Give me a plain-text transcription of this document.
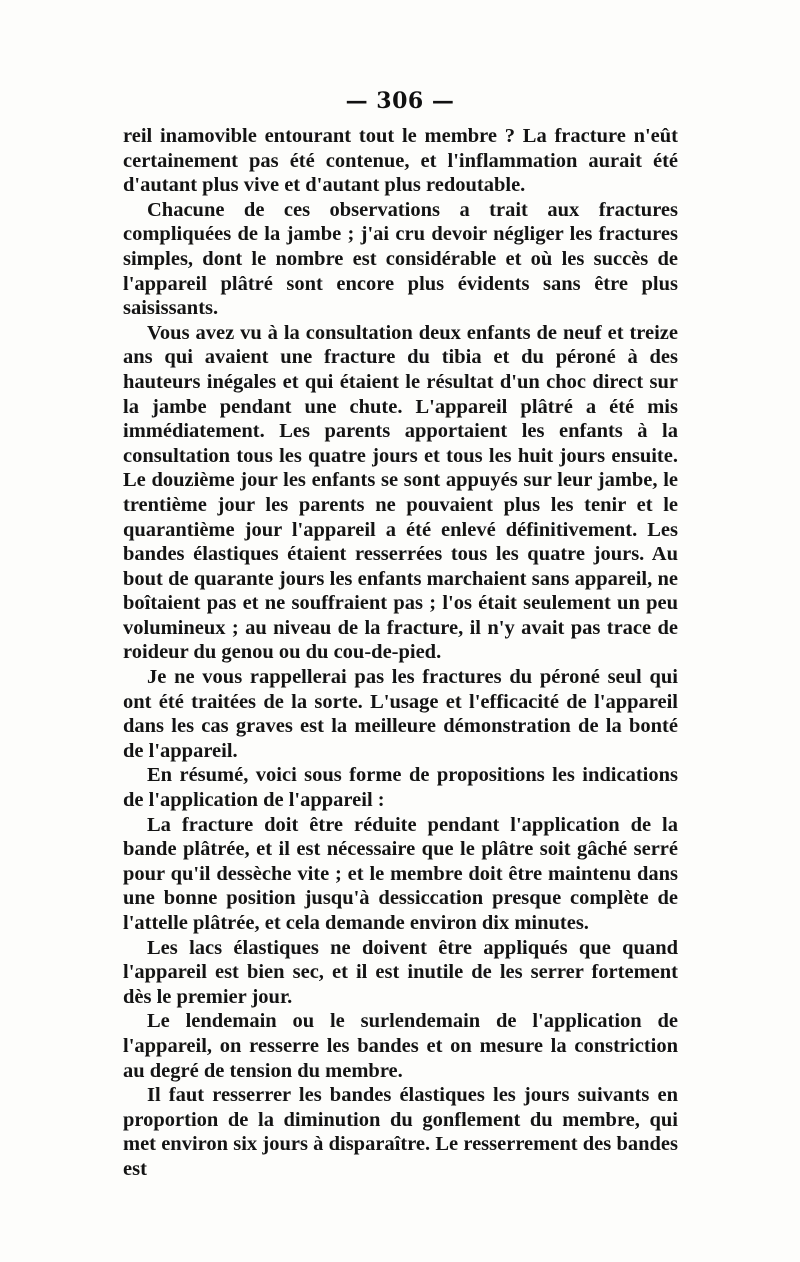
— 306 —

reil inamovible entourant tout le membre ? La fracture n'eût certainement pas été contenue, et l'inflammation aurait été d'autant plus vive et d'autant plus redoutable.

Chacune de ces observations a trait aux fractures compliquées de la jambe ; j'ai cru devoir négliger les fractures simples, dont le nombre est considérable et où les succès de l'appareil plâtré sont encore plus évidents sans être plus saisissants.

Vous avez vu à la consultation deux enfants de neuf et treize ans qui avaient une fracture du tibia et du péroné à des hauteurs inégales et qui étaient le résultat d'un choc direct sur la jambe pendant une chute. L'appareil plâtré a été mis immédiatement. Les parents apportaient les enfants à la consultation tous les quatre jours et tous les huit jours ensuite. Le douzième jour les enfants se sont appuyés sur leur jambe, le trentième jour les parents ne pouvaient plus les tenir et le quarantième jour l'appareil a été enlevé définitivement. Les bandes élastiques étaient resserrées tous les quatre jours. Au bout de quarante jours les enfants marchaient sans appareil, ne boîtaient pas et ne souffraient pas ; l'os était seulement un peu volumineux ; au niveau de la fracture, il n'y avait pas trace de roideur du genou ou du cou-de-pied.

Je ne vous rappellerai pas les fractures du péroné seul qui ont été traitées de la sorte. L'usage et l'efficacité de l'appareil dans les cas graves est la meilleure démonstration de la bonté de l'appareil.

En résumé, voici sous forme de propositions les indications de l'application de l'appareil :

La fracture doit être réduite pendant l'application de la bande plâtrée, et il est nécessaire que le plâtre soit gâché serré pour qu'il dessèche vite ; et le membre doit être maintenu dans une bonne position jusqu'à dessiccation presque complète de l'attelle plâtrée, et cela demande environ dix minutes.

Les lacs élastiques ne doivent être appliqués que quand l'appareil est bien sec, et il est inutile de les serrer fortement dès le premier jour.

Le lendemain ou le surlendemain de l'application de l'appareil, on resserre les bandes et on mesure la constriction au degré de tension du membre.

Il faut resserrer les bandes élastiques les jours suivants en proportion de la diminution du gonflement du membre, qui met environ six jours à disparaître. Le resserrement des bandes est
